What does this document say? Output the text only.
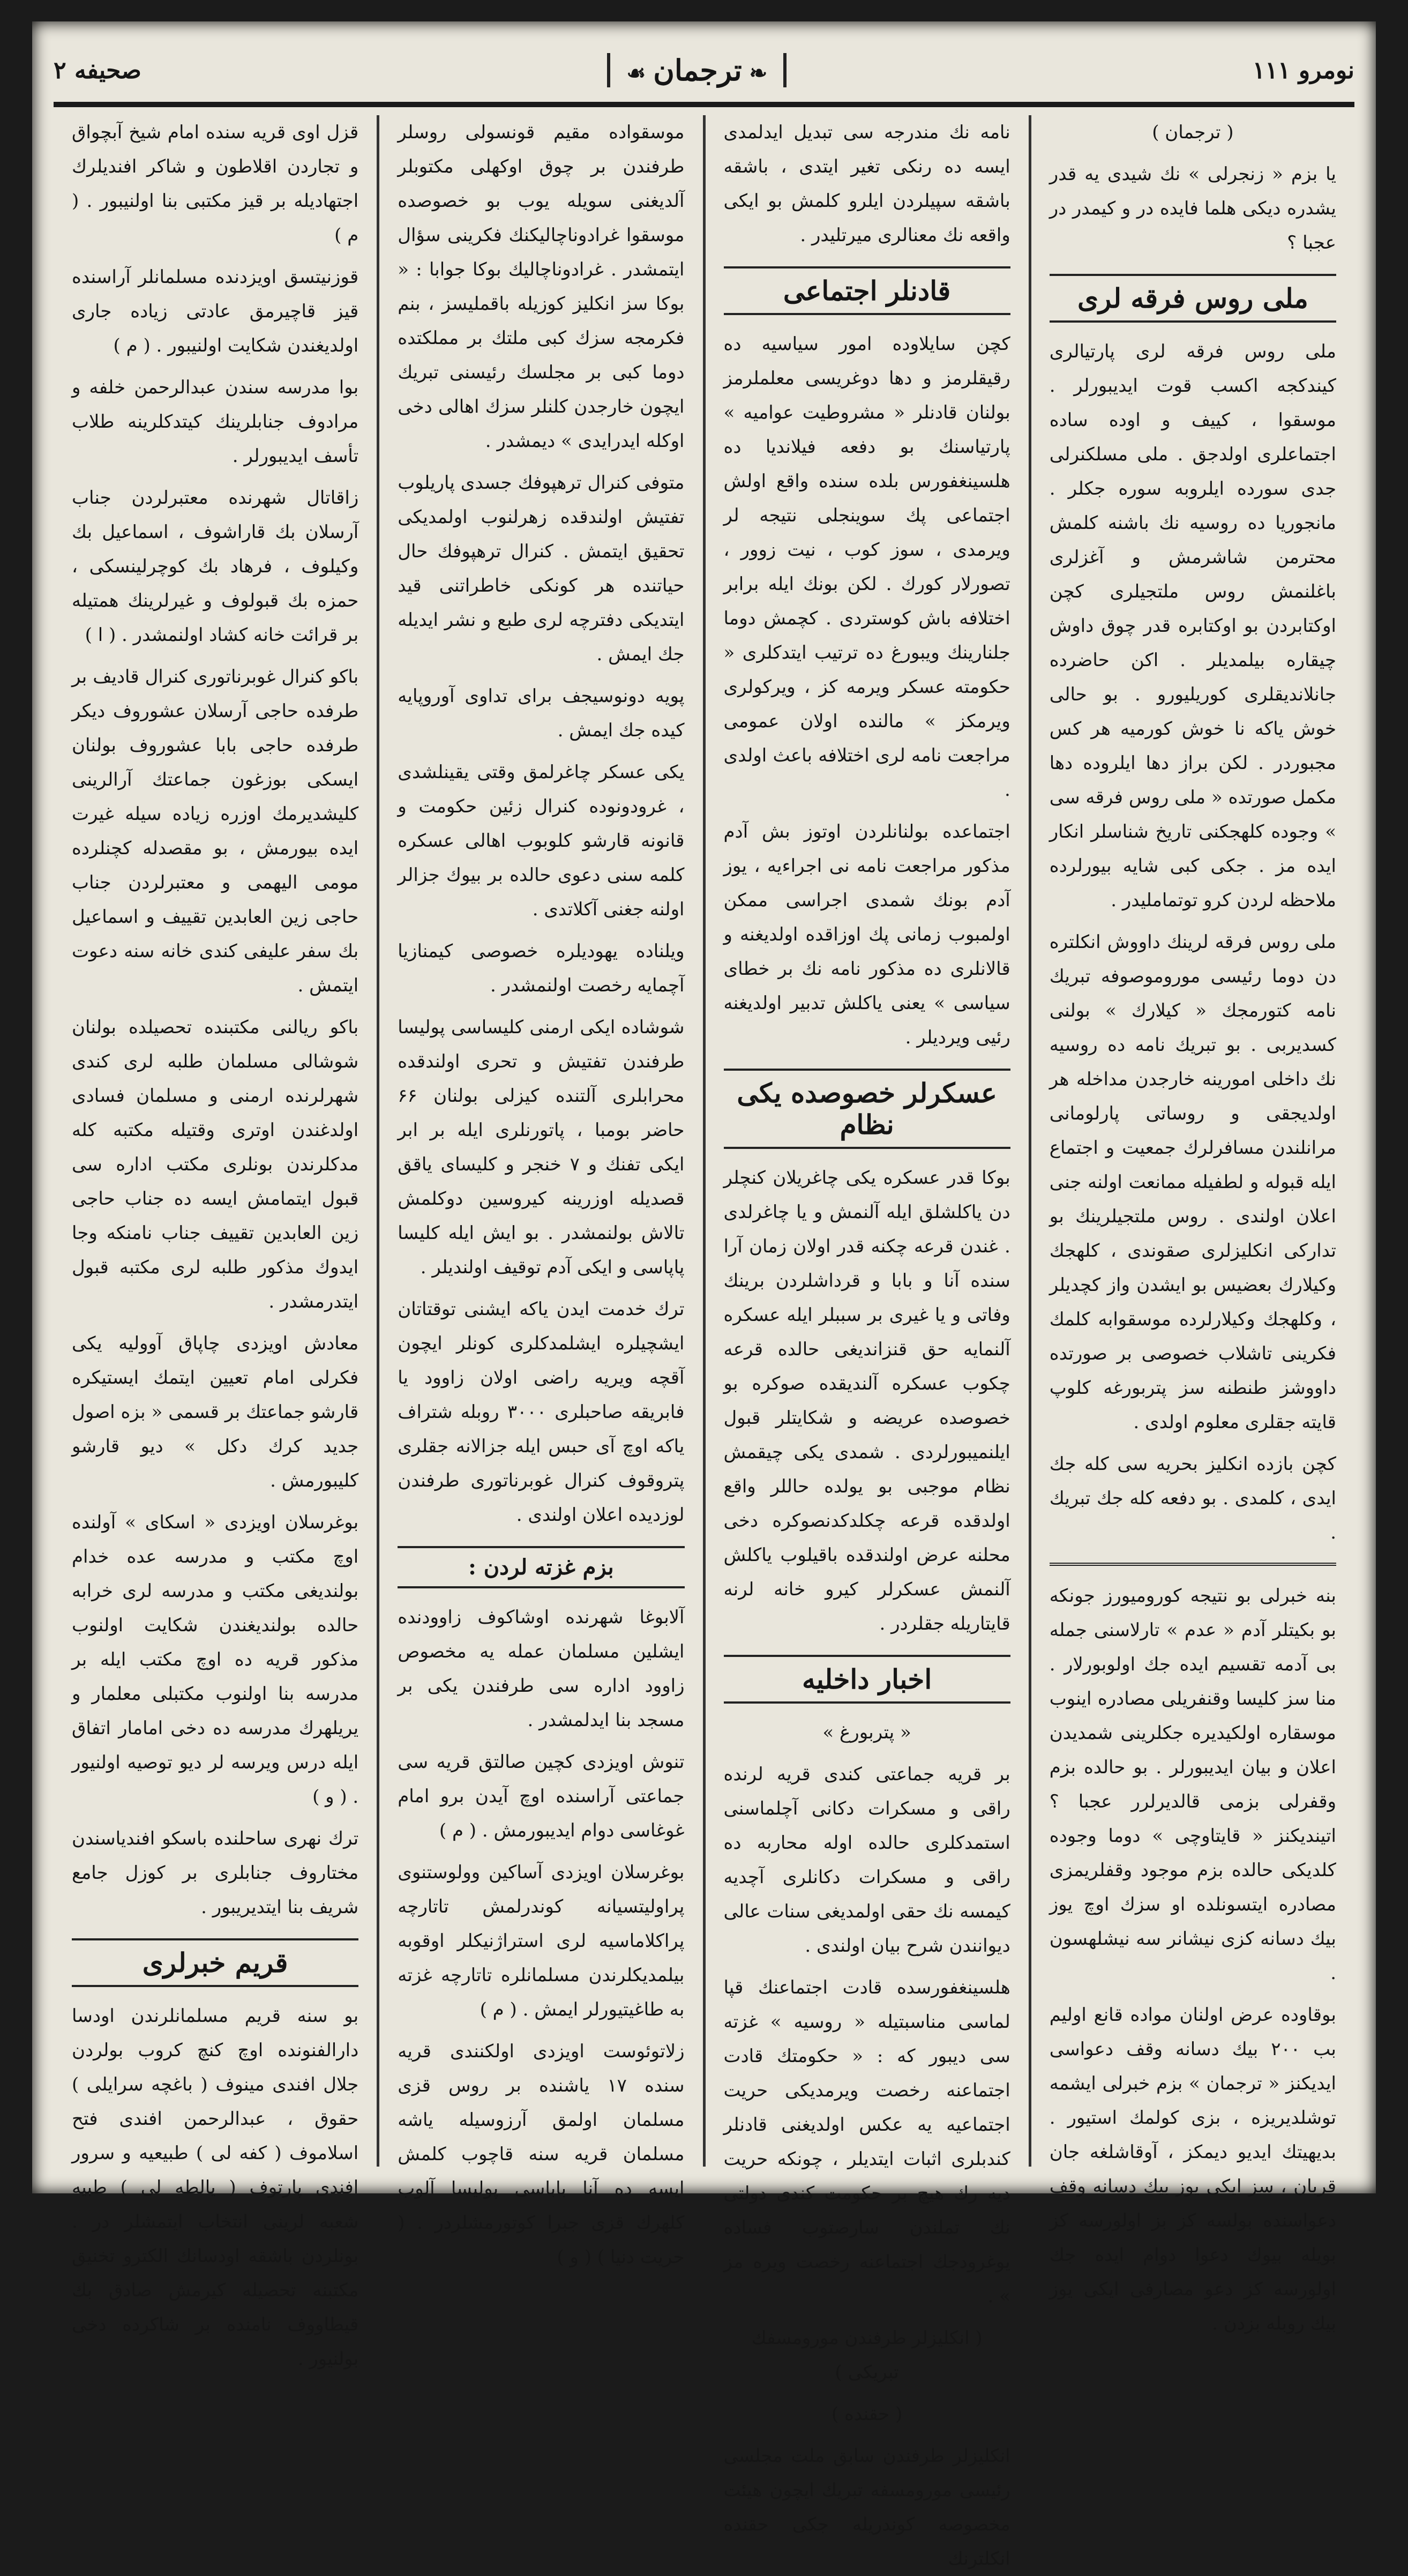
نومرو ۱۱۱
❧ ترجمان ☙
صحيفه ۲

( ترجمان )

يا بزم « زنجرلی » نك شيدی يه قدر يشدره ديكی هلما فايده در و كيمدر در عجبا ؟

ملی روس فرقه لری

ملی روس فرقه لری پارتيالری كيندكجه اكسب قوت ايديبورلر . موسقوا ، كييف و اوده ساده اجتماعلری اولدجق . ملی مسلكنرلی جدی سورده ايلروبه سوره جكلر . مانجوريا ده روسيه نك باشنه كلمش محترمن شاشرمش و آغزلری باغلنمش روس ملتجيلری كچن اوكتابردن بو اوكتابره قدر چوق داوش چيقاره بيلمديلر . اكن حاضرده جانلانديقلری كوريليورو . بو حالی خوش ياكه نا خوش كورميه هر كس مجبوردر . لكن براز دها ايلروده دها مكمل صورتده « ملی روس فرقه سی » وجوده كلهجكنی تاريخ شناسلر انكار ايده مز . جكی كبی شايه بيورلرده ملاحظه لردن كرو توتمامليدر .

ملی روس فرقه لرينك داووش انكلتره دن دوما رئيسی موروموصوفه تبريك نامه كتورمجك « كيلارك » بولنی كسديربی . بو تبريك نامه ده روسيه نك داخلی امورينه خارجدن مداخله هر اولديجقی و روساتی پارلومانی مرانلندن مسافرلرك جمعيت و اجتماع ايله قبوله و لطفيله ممانعت اولنه جنی اعلان اولندی . روس ملتجيلرينك بو تداركی انكليزلری صقوندی ، كلهجك وكيلارك بعضيس بو ايشدن واز كچديلر ، وكلهجك وكيلارلرده موسقوابه كلمك فكرينی تاشلاب خصوصی بر صورتده داووشز طنطنه سز پتربورغه كلوپ قايته جقلری معلوم اولدی .

كچن بازده انكليز بحريه سی كله جك ايدی ، كلمدی . بو دفعه كله جك تبريك .

بنه خبرلی بو نتيجه كوروميورز جونكه بو بكيتلر آدم « عدم » تارلاسنی جمله بی آدمه تقسيم ايده جك اولوبورلار . منا سز كليسا وقنفريلی مصادره اينوب موسقاره اولكيديره جكلرينی شمديدن اعلان و بيان ايديبورلر . بو حالده بزم وقفرلی بزمی قالديرلرر عجبا ؟ اتينديكنز « قايتاوچی » دوما وجوده كلديكی حالده بزم موجود وقفلريمزی مصادره ايتسونلده او سزك اوچ يوز بيك دسانه كزی نيشانر سه نيشلهسون .

بوقاوده عرض اولنان مواده قانع اوليم بب ۲۰۰ بيك دسانه وقف دعواسی ايديكنز « ترجمان » بزم خبرلی ايشمه توشلديريزه ، بزی كولمك استيور . بديهيتك ايديو ديمكز ، آوقاشلغه جان قربان ، سز ايكی يوز بيك دسانه وقف دعواسنده بولسه‌ كز بز اولورسه‌ كز بويله بيوك دعوا دوام ايده‌ جك اولورسه‌ كز دعو مصارفی ايكی يوز بيك روبله بزدن .

نامه نك مندرجه سی تبديل ايدلمدی ايسه ده رنكی تغير ايتدی ، باشقه باشقه سپيلردن ايلرو كلمش بو ايكی واقعه نك معنالری ميرتليدر .

قادنلر اجتماعی

كچن سايلاوده امور سياسيه ده رقيقلرمز و دها دوغريسی معلملرمز بولنان قادنلر « مشروطيت عواميه » پارتياسنك بو دفعه فيلانديا ده هلسينغفورس بلده سنده واقع اولش اجتماعی پك سوينجلی نتيجه لر ويرمدی ، سوز كوب ، نيت زوور ، تصورلار كورك . لكن بونك ايله برابر اختلافه باش كوستردی . كچمش دوما جلنارينك ويبورغ ده ترتيب ايتدكلری « حكومته عسكر ويرمه كز ، ويركولری ويرمكز » مالنده اولان عمومی مراجعت نامه لری اختلافه باعث اولدی .

اجتماعده بولنانلردن اوتوز بش آدم مذكور مراجعت نامه نی اجراءيه ، يوز آدم بونك شمدی اجراسی ممكن اولمبوب زمانی پك اوزاقده اولديغنه و قالانلری ده مذكور نامه نك بر خطای سياسی » يعنی ياكلش تدبير اولديغنه رئيی ويرديلر .

عسكرلر خصوصده يكی نظام

بوكا قدر عسكره يكی چاغريلان كنچلر دن ياكلشلق ايله آلنمش و يا چاغرلدی . غندن قرعه چكنه قدر اولان زمان آرا سنده آنا و بابا و قرداشلردن برينك وفاتی و يا غيری بر سببلر ايله عسكره آلنمايه حق قنزانديغی حالده قرعه چكوب عسكره آلنديقده صوكره بو خصوصده عريضه و شكايتلر قبول ايلنميبورلردی . شمدی يكی چيقمش نظام موجبی بو يولده حاللر واقع اولدقده قرعه چكلدكدنصوكره دخی محلنه عرض اولندقده باقيلوب ياكلش آلنمش عسكرلر كيرو خانه لرنه قايتاريله جقلردر .

اخبار داخليه

« پتربورغ »

بر قريه جماعتی كندی قريه لرنده راقی و مسكرات دكانی آچلماسنی استمدكلری حالده اوله محاربه ده راقی و مسكرات دكانلری آچديه كيمسه‌ نك حقی اولمديغی سنات عالی ديوانندن شرح بيان اولندی .

هلسينغفورسده قادت اجتماعنك قپا لماسی مناسبتيله « روسيه » غزته سی ديبور كه : « حكومتك قادت اجتماعنه رخصت ويرمديكی حريت اجتماعيه يه عكس اولديغنی قادنلر كندبلری اثبات ايتديلر ، چونكه حريت ديه‌ رك هيچ بر حكومت كندی دولتی نك تملندن سارصتوب فساده يوغرودجك اجتماعنه رخصت ويره مز » .

( انكليزلر طرفندن مورومسفك تبريكی )

( حقنده )

انكليزلر طرفندن سابق ملت مجلسی رئيسی مورومسفه تبريك ايچون هيئت مخصوصه كوندريله جكی حقنده انكلترنك

موسقواده مقيم قونسولی روسلر طرفندن بر چوق اوكهلی مكتوبلر آلديغنی سويله يوب بو خصوصده موسقوا غرادوناچاليكنك فكرينی سؤال ايتمشدر . غرادوناچاليك بوكا جوابا : « بوكا سز انكليز كوزيله باقمليسز ، بنم فكرمجه سزك كبی ملتك بر مملكتده دوما كبی بر مجلسك رئيسنی تبريك ايچون خارجدن كلنلر سزك اهالی دخی اوكله ايدرايدی » ديمشدر .

متوفی كنرال ترهپوفك جسدی پاريلوب تفتيش اولندقده زهرلنوب اولمديكی تحقيق ايتمش . كنرال ترهپوفك حال حياتنده هر كونكی خاطراتنی قيد ايتديكی دفترچه لری طبع و نشر ايديله جك ايمش .

پويه دونوسيجف برای تداوی آوروپايه كيده جك ايمش .

يكی عسكر چاغرلمق وقتی يقينلشدی ، غرودونوده كنرال زئين حكومت و قانونه قارشو كلوبوب اهالی عسكره كلمه سنی دعوی حالده بر بيوك جزالر اولنه جغنی آكلاتدی .

ويلناده يهوديلره خصوصی كيمنازيا آچمايه رخصت اولنمشدر .

شوشاده ايكی ارمنی كليساسی پوليسا طرفندن تفتيش و تحری اولندقده محرابلری آلتنده كيزلی بولنان ۶۶ حاضر بومبا ، پاتورنلری ايله بر ابر ايكی تفنك و ۷ خنجر و كليسای ياقق قصديله اوزرينه كيروسين دوكلمش تالاش بولنمشدر . بو ايش ايله كليسا پاپاسی و ايكی آدم توقيف اولنديلر .

ترك خدمت ايدن ياكه ايشنی توقتاتان ايشچيلره ايشلمدكلری كونلر ايچون آقچه ويريه راضی اولان زاوود يا فابريقه صاحبلری ۳۰۰۰ روبله شتراف ياكه اوچ آی حبس ايله جزالانه جقلری پتروقوف كنرال غوبرناتوری طرفندن لوزديده اعلان اولندی .

بزم غزته لردن :

آلابوغا شهرنده اوشاكوف زاوودنده ايشلين مسلمان عمله يه مخصوص زاوود اداره سی طرفندن يكی بر مسجد بنا ايدلمشدر .

تنوش اويزدی كچين صالتق قريه سی جماعتی آراسنده اوچ آيدن برو امام غوغاسی دوام ايديبورمش . ( م )

بوغرسلان اويزدی آساكين وولوستنوی پراوليتسيانه كوندرلمش تاتارچه پراكلاماسيه‌ لری استراژنيكلر اوقوبه بيلمديكلرندن مسلمانلره تاتارچه غزته به طاغيتيورلر ايمش . ( م )

زلاتوئوست اويزدی اولكنندی قريه سنده ۱۷ ياشنده بر روس قزی مسلمان اولمق آرزوسيله ياشه مسلمان قريه سنه قاچوب كلمش ايسه ده آنا باباسی پوليسا آلوب كلهرك قزی جبرا كوتورمشلردر . ( حريت دنيا ) ( و )

قزل اوی قريه سنده امام شيخ آبچواق و تجاردن اقلاطون و شاكر افنديلرك اجتهاديله بر قيز مكتبی بنا اولنيبور . ( م )

قوزنيتسق اويزدنده مسلمانلر آراسنده قيز قاچيرمق عادتی زياده جاری اولديغندن شكايت اولنيبور . ( م )

بوا مدرسه سندن عبدالرحمن خلفه و مرادوف جنابلرينك كيتدكلرينه طلاب تأسف ايديبورلر .

زاقاتال شهرنده معتبرلردن جناب آرسلان بك قاراشوف ، اسماعيل بك وكيلوف ، فرهاد بك كوچرلينسكی ، حمزه بك قبولوف و غيرلرينك همتيله بر قرائت خانه كشاد اولنمشدر . ( ا )

باكو كنرال غوبرناتوری كنرال قاديف بر طرفده حاجی آرسلان عشوروف ديكر طرفده حاجی بابا عشوروف بولنان ايسكی بوزغون جماعتك آرالرينی كليشديرمك اوزره زياده سيله غيرت ايده بيورمش ، بو مقصدله كچنلرده مومی اليهمی و معتبرلردن جناب حاجی زين العابدين تقييف و اسماعيل بك سفر عليفی كندی خانه سنه دعوت ايتمش .

باكو ريالنی مكتبنده تحصيلده بولنان شوشالی مسلمان طلبه لری كندی شهرلرنده ارمنی و مسلمان فسادی اولدغندن اوتری وقتيله مكتبه كله‌ مدكلرندن بونلری مكتب اداره سی قبول ايتمامش ايسه ده جناب حاجی زين العابدين تقييف جناب نامنكه وجا ايدوك مذكور طلبه لری مكتبه قبول ايتدرمشدر .

معادش اويزدی چاپاق آووليه يكی فكرلی امام تعيين ايتمك ايستيكره قارشو جماعتك بر قسمی « بزه اصول جديد كرك دكل » ديو قارشو كليبورمش .

بوغرسلان اويزدی « اسكای » آولنده اوچ مكتب و مدرسه عده خدام بولنديغی مكتب و مدرسه لری خرابه حالده بولنديغندن شكايت اولنوب مذكور قريه ده اوچ مكتب ايله بر مدرسه بنا اولنوب مكتبلی معلمار و يريلهرك مدرسه ده دخی امامار اتفاق ايله درس ويرسه‌ لر ديو توصيه اولنيور . ( و )

ترك نهری ساحلنده باسكو افندياسندن مختاروف جنابلری بر كوزل جامع شريف بنا ايتديريبور .

قريم خبرلری

بو سنه قريم مسلمانلرندن اودسا دارالفنونده اوچ كنچ كروب بولردن جلال افندی مينوف ( باغچه سرايلی ) حقوق ، عبدالرحمن افندی فتح اسلاموف ( كفه‌ لی ) طبيعيه و سرور افندی پارتوف ( يالطه لی ) طبيه شعبه‌ لرينی انتخاب ايتمشلر در . بونلردن باشقه اودسانك الكترو تخنيق مكتبنه تحصيله كيرمش صادق بك قيطاووف نامنده بر شاكرده دخی بولنيور .
